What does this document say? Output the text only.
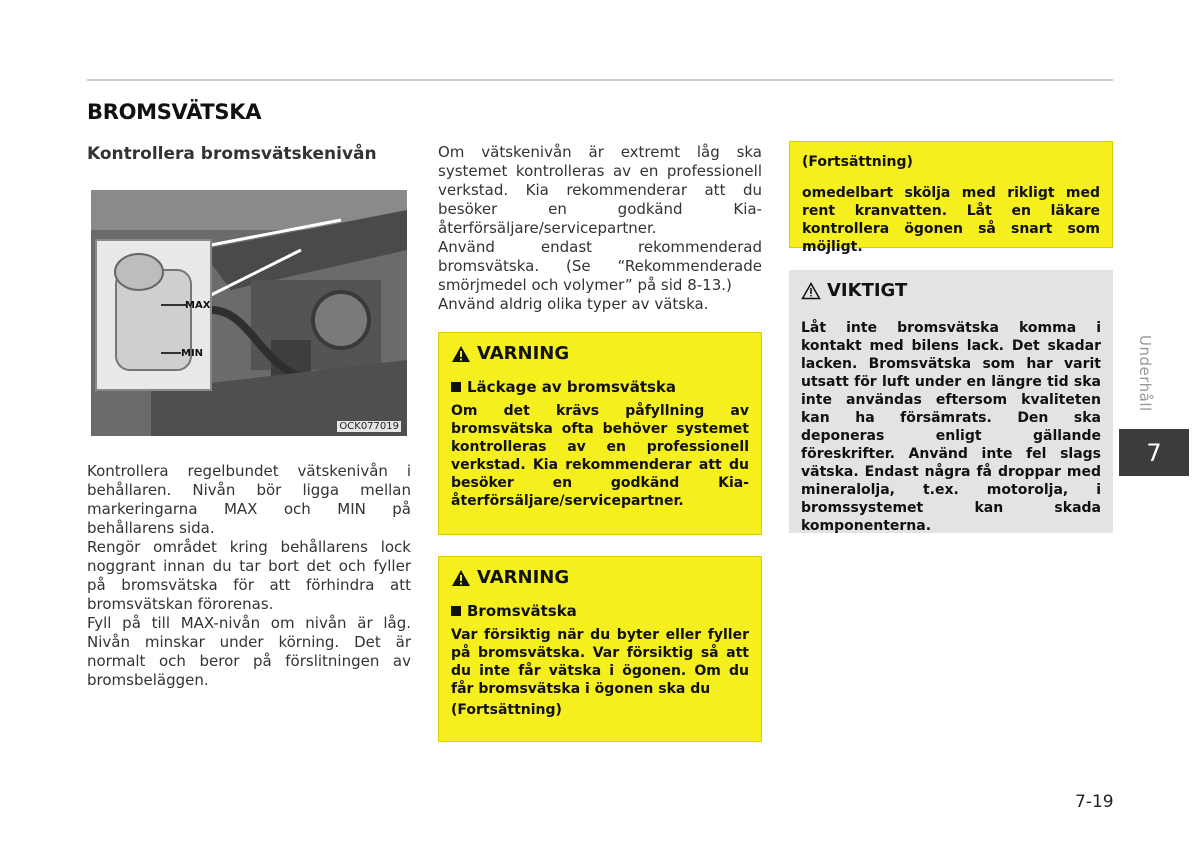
BROMSVÄTSKA
Kontrollera bromsvätskenivån
MAX
MIN
OCK077019

Kontrollera regelbundet vätskenivån i behållaren. Nivån bör ligga mellan markeringarna MAX och MIN på behållarens sida.

Rengör området kring behållarens lock noggrant innan du tar bort det och fyller på bromsvätska för att förhindra att bromsvätskan förorenas.

Fyll på till MAX-nivån om nivån är låg. Nivån minskar under körning. Det är normalt och beror på förslitningen av bromsbeläggen.

Om vätskenivån är extremt låg ska systemet kontrolleras av en professionell verkstad. Kia rekommenderar att du besöker en godkänd Kia-återförsäljare/servicepartner.

Använd endast rekommenderad bromsvätska. (Se “Rekommenderade smörjmedel och volymer” på sid 8-13.)

Använd aldrig olika typer av vätska.

VARNING
Läckage av bromsvätska
Om det krävs påfyllning av bromsvätska ofta behöver systemet kontrolleras av en professionell verkstad. Kia rekommenderar att du besöker en godkänd Kia-återförsäljare/servicepartner.
VARNING
Bromsvätska
Var försiktig när du byter eller fyller på bromsvätska. Var försiktig så att du inte får vätska i ögonen. Om du får bromsvätska i ögonen ska du
(Fortsättning)
(Fortsättning)
omedelbart skölja med rikligt med rent kranvatten. Låt en läkare kontrollera ögonen så snart som möjligt.
VIKTIGT
Låt inte bromsvätska komma i kontakt med bilens lack. Det skadar lacken. Bromsvätska som har varit utsatt för luft under en längre tid ska inte användas eftersom kvaliteten kan ha försämrats. Den ska deponeras enligt gällande föreskrifter. Använd inte fel slags vätska. Endast några få droppar med mineralolja, t.ex. motorolja, i bromssystemet kan skada komponenterna.
Underhåll
7
7-19
